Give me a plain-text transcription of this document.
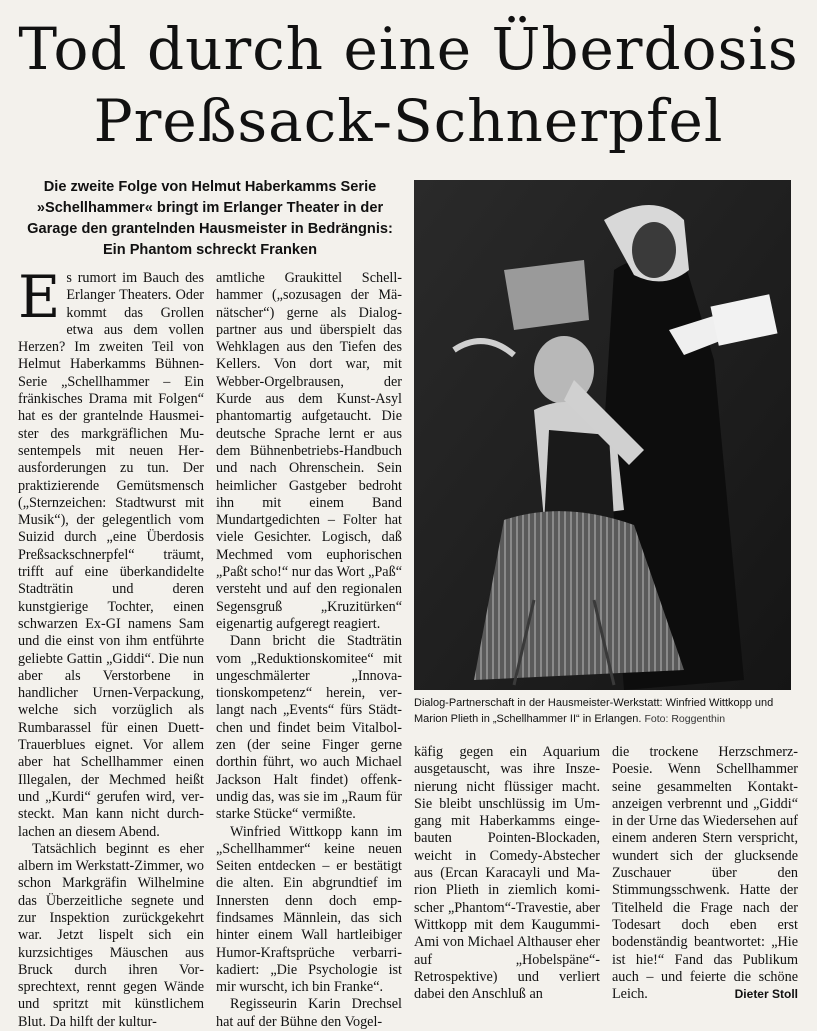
Tod durch eine Überdosis
Preßsack-Schnerpfel

Die zweite Folge von Helmut Haberkamms Serie »Schellhammer« bringt im Erlanger Theater in der Garage den grantelnden Hausmeister in Bedrängnis: Ein Phantom schreckt Franken

Es rumort im Bauch des Erlanger Theaters. Oder kommt das Grollen etwa aus dem vollen Herzen? Im zweiten Teil von Helmut Haberkamms Bühnen-Serie „Schellhammer – Ein fränkisches Drama mit Folgen“ hat es der grantelnde Hausmeister des markgräflichen Musentempels mit neuen Herausforderungen zu tun. Der praktizierende Gemütsmensch („Sternzeichen: Stadtwurst mit Musik“), der gelegentlich vom Suizid durch „eine Überdosis Preßsackschnerpfel“ träumt, trifft auf eine überkandidelte Stadträtin und deren kunstgierige Tochter, einen schwarzen Ex-GI namens Sam und die einst von ihm entführte geliebte Gattin „Giddi“. Die nun aber als Verstorbene in handlicher Urnen-Verpackung, welche sich vorzüglich als Rumbarassel für einen Duett-Trauerblues eignet. Vor allem aber hat Schellhammer einen Illegalen, der Mechmed heißt und „Kurdi“ gerufen wird, versteckt. Man kann nicht durchlachen an diesem Abend.

Tatsächlich beginnt es eher albern im Werkstatt-Zimmer, wo schon Markgräfin Wilhelmine das Überzeitliche segnete und zur Inspektion zurückgekehrt war. Jetzt lispelt sich ein kurzsichtiges Mäuschen aus Bruck durch ihren Vorsprechtext, rennt gegen Wände und spritzt mit künstlichem Blut. Da hilft der kultur-

amtliche Graukittel Schellhammer („sozusagen der Mänätscher“) gerne als Dialogpartner aus und überspielt das Wehklagen aus den Tiefen des Kellers. Von dort war, mit Webber-Orgelbrausen, der Kurde aus dem Kunst-Asyl phantomartig aufgetaucht. Die deutsche Sprache lernt er aus dem Bühnenbetriebs-Handbuch und nach Ohrenschein. Sein heimlicher Gastgeber bedroht ihn mit einem Band Mundartgedichten – Folter hat viele Gesichter. Logisch, daß Mechmed vom euphorischen „Paßt scho!“ nur das Wort „Paß“ versteht und auf den regionalen Segensgruß „Kruzitürken“ eigenartig aufgeregt reagiert.

Dann bricht die Stadträtin vom „Reduktionskomitee“ mit ungeschmälerter „Innovationskompetenz“ herein, verlangt nach „Events“ fürs Städtchen und findet beim Vitalbolzen (der seine Finger gerne dorthin führt, wo auch Michael Jackson Halt findet) offenkundig das, was sie im „Raum für starke Stücke“ vermißte.

Winfried Wittkopp kann im „Schellhammer“ keine neuen Seiten entdecken – er bestätigt die alten. Ein abgrundtief im Innersten denn doch empfindsames Männlein, das sich hinter einem Wall hartleibiger Humor-Kraftsprüche verbarrikadiert: „Die Psychologie ist mir wurscht, ich bin Franke“.

Regisseurin Karin Drechsel hat auf der Bühne den Vogel-

Dialog-Partnerschaft in der Hausmeister-Werkstatt: Winfried Wittkopp und Marion Plieth in „Schellhammer II“ in Erlangen. Foto: Roggenthin

käfig gegen ein Aquarium ausgetauscht, was ihre Inszenierung nicht flüssiger macht. Sie bleibt unschlüssig im Umgang mit Haberkamms eingebauten Pointen-Blockaden, weicht in Comedy-Abstecher aus (Ercan Karacayli und Marion Plieth in ziemlich komischer „Phantom“-Travestie, aber Wittkopp mit dem Kaugummi-Ami von Michael Althauser eher auf „Hobelspäne“-Retrospektive) und verliert dabei den Anschluß an

die trockene Herzschmerz-Poesie. Wenn Schellhammer seine gesammelten Kontaktanzeigen verbrennt und „Giddi“ in der Urne das Wiedersehen auf einem anderen Stern verspricht, wundert sich der glucksende Zuschauer über den Stimmungsschwenk. Hatte der Titelheld die Frage nach der Todesart doch eben erst bodenständig beantwortet: „Hie ist hie!“ Fand das Publikum auch – und feierte die schöne Leich.	Dieter Stoll
